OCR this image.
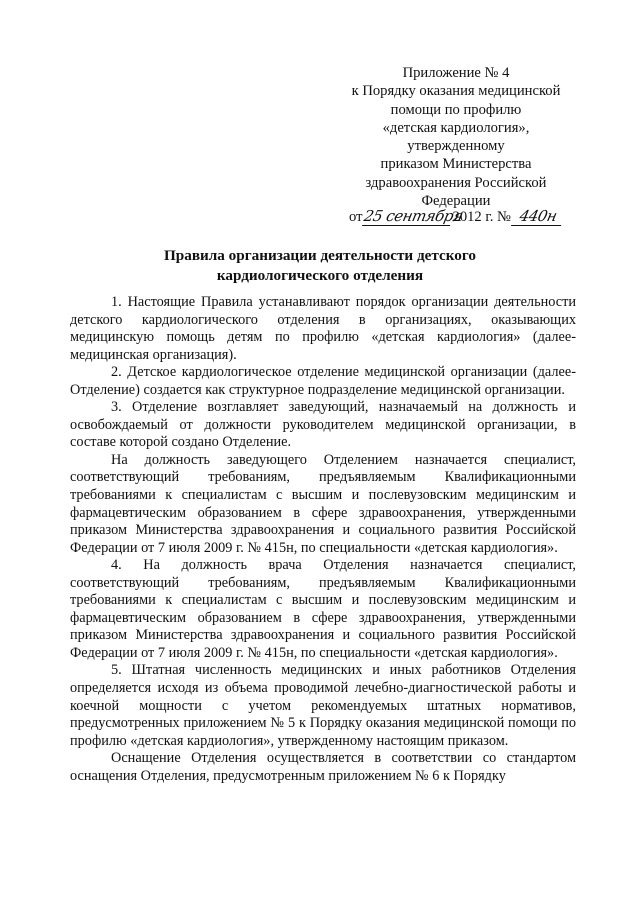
Приложение № 4
к Порядку оказания медицинской
помощи по профилю
«детская кардиология»,
утвержденному
приказом Министерства
здравоохранения Российской
Федерации
от25 сентября2012 г. № 440н
Правила организации деятельности детского
кардиологического отделения

1. Настоящие Правила устанавливают порядок организации деятельности детского кардиологического отделения в организациях, оказывающих медицинскую помощь детям по профилю «детская кардиология» (далее-медицинская организация).

2. Детское кардиологическое отделение медицинской организации (далее-Отделение) создается как структурное подразделение медицинской организации.

3. Отделение возглавляет заведующий, назначаемый на должность и освобождаемый от должности руководителем медицинской организации, в составе которой создано Отделение.

На должность заведующего Отделением назначается специалист, соответствующий требованиям, предъявляемым Квалификационными требованиями к специалистам с высшим и послевузовским медицинским и фармацевтическим образованием в сфере здравоохранения, утвержденными приказом Министерства здравоохранения и социального развития Российской Федерации от 7 июля 2009 г. № 415н, по специальности «детская кардиология».

4. На должность врача Отделения назначается специалист, соответствующий требованиям, предъявляемым Квалификационными требованиями к специалистам с высшим и послевузовским медицинским и фармацевтическим образованием в сфере здравоохранения, утвержденными приказом Министерства здравоохранения и социального развития Российской Федерации от 7 июля 2009 г. № 415н, по специальности «детская кардиология».

5. Штатная численность медицинских и иных работников Отделения определяется исходя из объема проводимой лечебно-диагностической работы и коечной мощности с учетом рекомендуемых штатных нормативов, предусмотренных приложением № 5 к Порядку оказания медицинской помощи по профилю «детская кардиология», утвержденному настоящим приказом.

Оснащение Отделения осуществляется в соответствии со стандартом оснащения Отделения, предусмотренным приложением № 6 к Порядку
